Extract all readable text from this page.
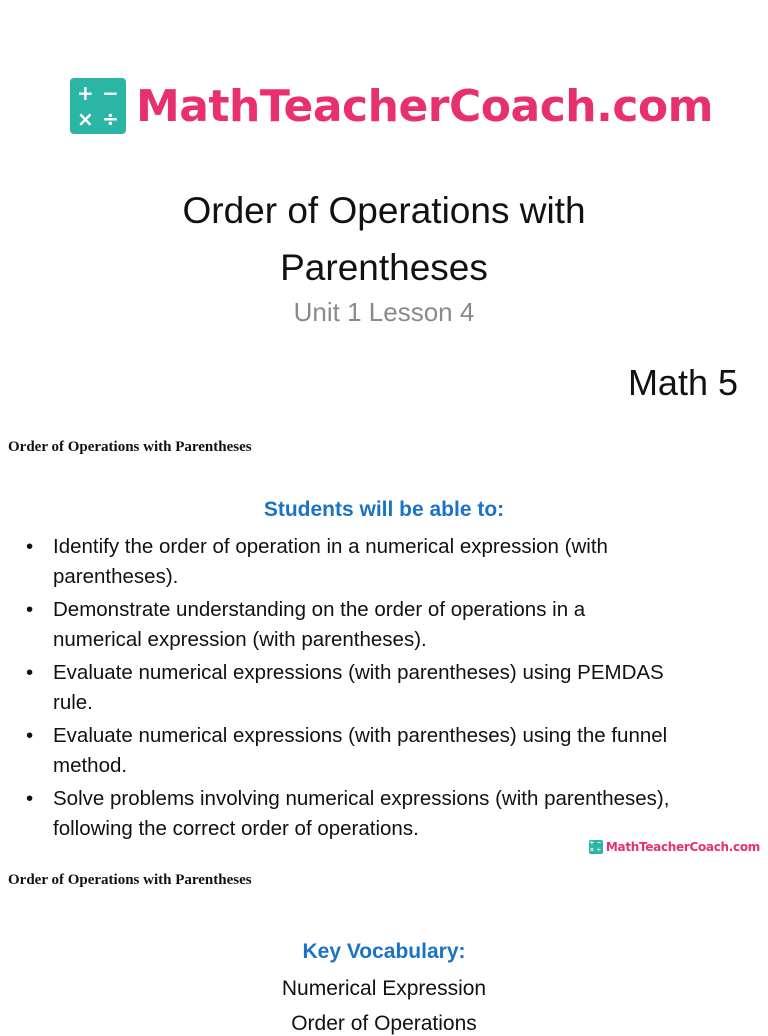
+ −
× ÷ MathTeacherCoach.com
Order of Operations with
Parentheses
Unit 1 Lesson 4
Math 5
Order of Operations with Parentheses
Students will be able to:
• Identify the order of operation in a numerical expression (with
parentheses).
• Demonstrate understanding on the order of operations in a
numerical expression (with parentheses).
• Evaluate numerical expressions (with parentheses) using PEMDAS
rule.
• Evaluate numerical expressions (with parentheses) using the funnel
method.
• Solve problems involving numerical expressions (with parentheses),
following the correct order of operations.
+ −
× ÷ MathTeacherCoach.com
Order of Operations with Parentheses
Key Vocabulary:
Numerical Expression
Order of Operations
